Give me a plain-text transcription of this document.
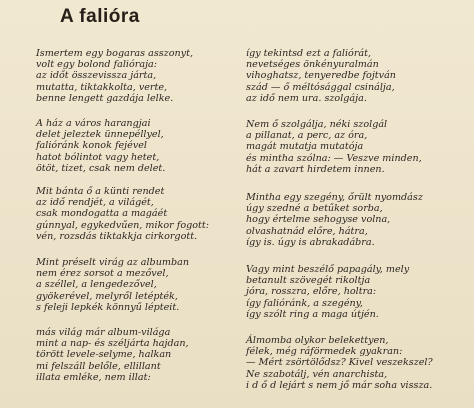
A falióra
Ismertem egy bogaras asszonyt,
volt egy bolond falióraja:
az időt összevissza járta,
mutatta, tiktakkolta, verte,
benne lengett gazdája lelke.
A ház a város harangjai
delet jeleztek ünnepéllyel,
falióránk konok fejével
hatot bólintot vagy hetet,
ötöt, tizet, csak nem delet.
Mit bánta ő a künti rendet
az idő rendjét, a világét,
csak mondogatta a magáét
gúnnyal, egykedvűen, mikor fogott:
vén, rozsdás tiktakkja cirkorgott.
Mint préselt virág az albumban
nem érez sorsot a mezővel,
a széllel, a lengedezővel,
gyökerével, melyről letépték,
s feleji lepkék könnyű lépteit.
más világ már album-világa
mint a nap- és széljárta hajdan,
törött levele-selyme, halkan
mi felszáll belőle, ellillant
illata emléke, nem illat:
így tekintsd ezt a faliórát,
nevetséges önkényuralmán
vihoghatsz, tenyeredbe fojtván
szád — ő méltósággal csinálja,
az idő nem ura. szolgája.
Nem ő szolgálja, néki szolgál
a pillanat, a perc, az óra,
magát mutatja mutatója
és mintha szólna: — Veszve minden,
hát a zavart hirdetem innen.
Mintha egy szegény, őrült nyomdász
úgy szedné a betűket sorba,
hogy értelme sehogyse volna,
olvashatnád előre, hátra,
így is. úgy is abrakadábra.
Vagy mint beszélő papagály, mely
betanult szövegét rikoltja
jóra, rosszra, előre, holtra:
így falióránk, a szegény,
így szólt ring a maga útjén.
Álmomba olykor belekettyen,
félek, még ráförmedek gyakran:
— Mért zsörtölődsz? Kivel veszekszel?
Ne szabotálj, vén anarchista,
i d ő d lejárt s nem jő már soha vissza.
